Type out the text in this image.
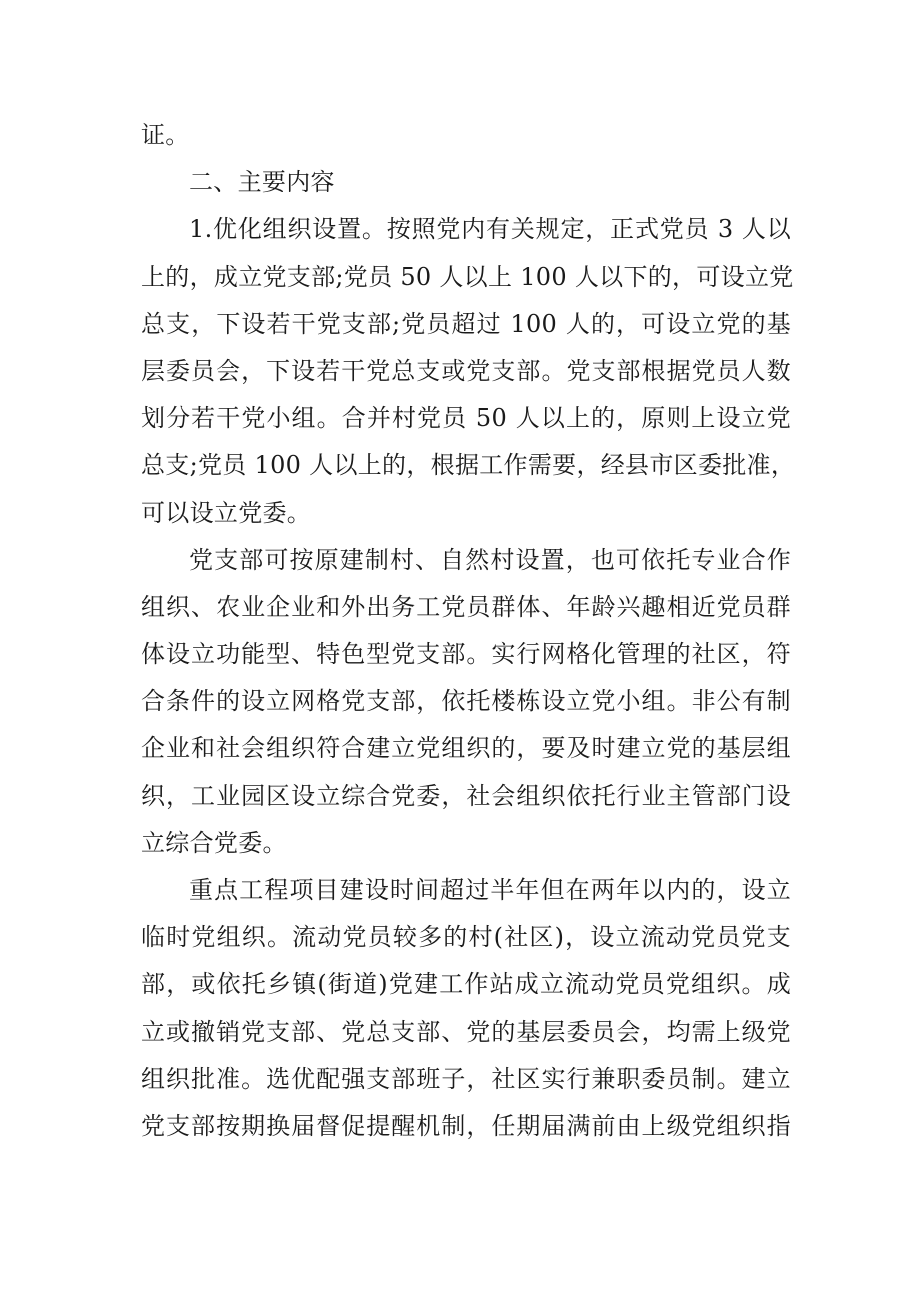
证。
二、主要内容
1.优化组织设置。按照党内有关规定，正式党员 3 人以
上的，成立党支部;党员 50 人以上 100 人以下的，可设立党
总支，下设若干党支部;党员超过 100 人的，可设立党的基
层委员会，下设若干党总支或党支部。党支部根据党员人数
划分若干党小组。合并村党员 50 人以上的，原则上设立党
总支;党员 100 人以上的，根据工作需要，经县市区委批准，
可以设立党委。
党支部可按原建制村、自然村设置，也可依托专业合作
组织、农业企业和外出务工党员群体、年龄兴趣相近党员群
体设立功能型、特色型党支部。实行网格化管理的社区，符
合条件的设立网格党支部，依托楼栋设立党小组。非公有制
企业和社会组织符合建立党组织的，要及时建立党的基层组
织，工业园区设立综合党委，社会组织依托行业主管部门设
立综合党委。
重点工程项目建设时间超过半年但在两年以内的，设立
临时党组织。流动党员较多的村(社区)，设立流动党员党支
部，或依托乡镇(街道)党建工作站成立流动党员党组织。成
立或撤销党支部、党总支部、党的基层委员会，均需上级党
组织批准。选优配强支部班子，社区实行兼职委员制。建立
党支部按期换届督促提醒机制，任期届满前由上级党组织指
